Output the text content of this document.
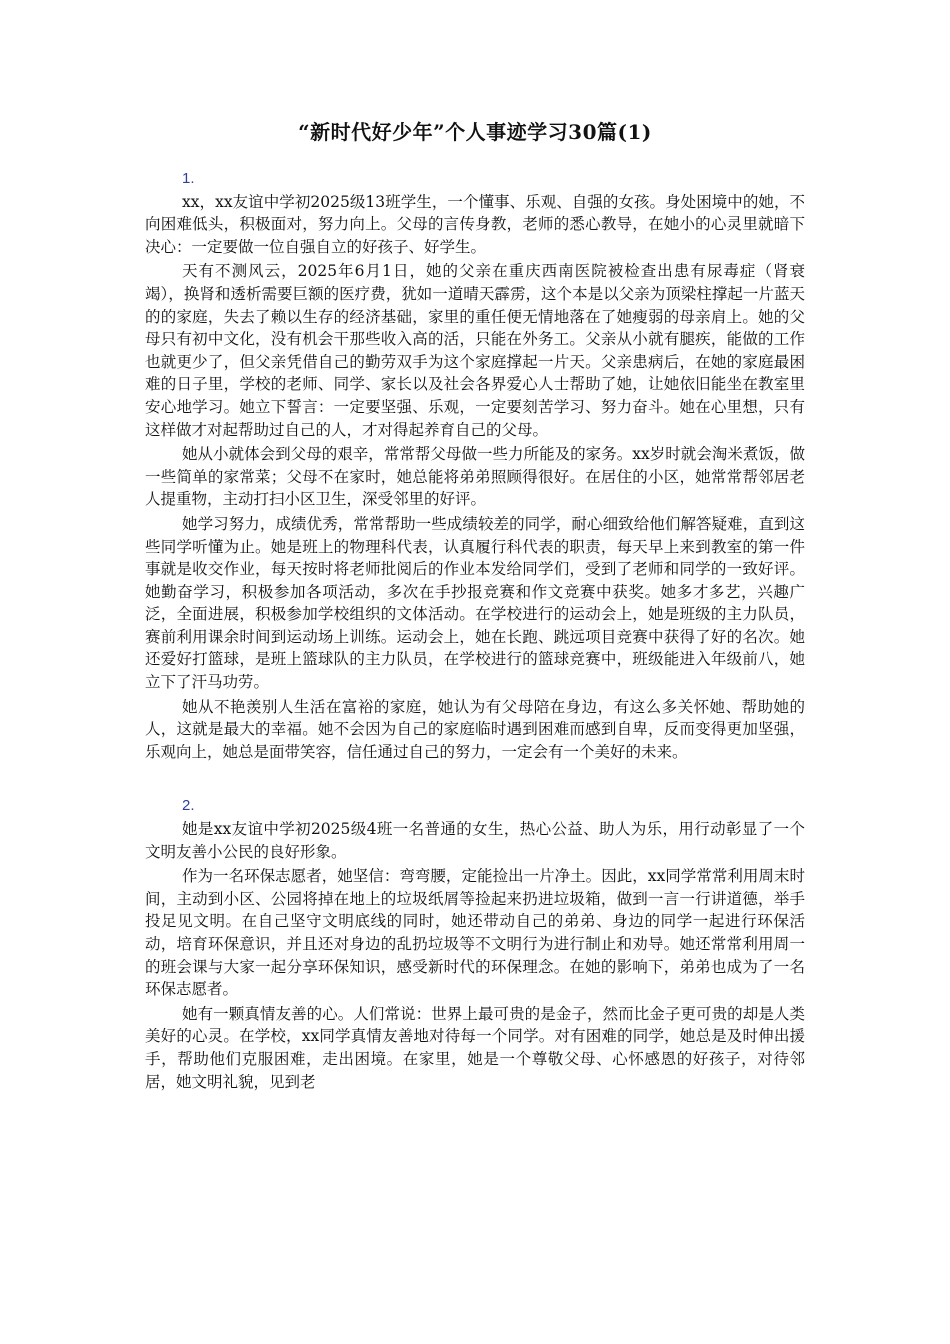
“新时代好少年”个人事迹学习30篇(1)
1.

xx，xx友谊中学初2025级13班学生，一个懂事、乐观、自强的女孩。身处困境中的她，不向困难低头，积极面对，努力向上。父母的言传身教，老师的悉心教导，在她小的心灵里就暗下决心：一定要做一位自强自立的好孩子、好学生。

天有不测风云，2025年6月1日，她的父亲在重庆西南医院被检查出患有尿毒症（肾衰竭），换肾和透析需要巨额的医疗费，犹如一道晴天霹雳，这个本是以父亲为顶梁柱撑起一片蓝天的的家庭，失去了赖以生存的经济基础，家里的重任便无情地落在了她瘦弱的母亲肩上。她的父母只有初中文化，没有机会干那些收入高的活，只能在外务工。父亲从小就有腿疾，能做的工作也就更少了，但父亲凭借自己的勤劳双手为这个家庭撑起一片天。父亲患病后，在她的家庭最困难的日子里，学校的老师、同学、家长以及社会各界爱心人士帮助了她，让她依旧能坐在教室里安心地学习。她立下誓言：一定要坚强、乐观，一定要刻苦学习、努力奋斗。她在心里想，只有这样做才对起帮助过自己的人，才对得起养育自己的父母。

她从小就体会到父母的艰辛，常常帮父母做一些力所能及的家务。xx岁时就会淘米煮饭，做一些简单的家常菜；父母不在家时，她总能将弟弟照顾得很好。在居住的小区，她常常帮邻居老人提重物，主动打扫小区卫生，深受邻里的好评。

她学习努力，成绩优秀，常常帮助一些成绩较差的同学，耐心细致给他们解答疑难，直到这些同学听懂为止。她是班上的物理科代表，认真履行科代表的职责，每天早上来到教室的第一件事就是收交作业，每天按时将老师批阅后的作业本发给同学们，受到了老师和同学的一致好评。她勤奋学习，积极参加各项活动，多次在手抄报竞赛和作文竞赛中获奖。她多才多艺，兴趣广泛，全面进展，积极参加学校组织的文体活动。在学校进行的运动会上，她是班级的主力队员，赛前利用课余时间到运动场上训练。运动会上，她在长跑、跳远项目竞赛中获得了好的名次。她还爱好打篮球，是班上篮球队的主力队员，在学校进行的篮球竞赛中，班级能进入年级前八，她立下了汗马功劳。

她从不艳羡别人生活在富裕的家庭，她认为有父母陪在身边，有这么多关怀她、帮助她的人，这就是最大的幸福。她不会因为自己的家庭临时遇到困难而感到自卑，反而变得更加坚强，乐观向上，她总是面带笑容，信任通过自己的努力，一定会有一个美好的未来。

2.

她是xx友谊中学初2025级4班一名普通的女生，热心公益、助人为乐，用行动彰显了一个文明友善小公民的良好形象。

作为一名环保志愿者，她坚信：弯弯腰，定能捡出一片净土。因此，xx同学常常利用周末时间，主动到小区、公园将掉在地上的垃圾纸屑等捡起来扔进垃圾箱，做到一言一行讲道德，举手投足见文明。在自己坚守文明底线的同时，她还带动自己的弟弟、身边的同学一起进行环保活动，培育环保意识，并且还对身边的乱扔垃圾等不文明行为进行制止和劝导。她还常常利用周一的班会课与大家一起分享环保知识，感受新时代的环保理念。在她的影响下，弟弟也成为了一名环保志愿者。

她有一颗真情友善的心。人们常说：世界上最可贵的是金子，然而比金子更可贵的却是人类美好的心灵。在学校，xx同学真情友善地对待每一个同学。对有困难的同学，她总是及时伸出援手，帮助他们克服困难，走出困境。在家里，她是一个尊敬父母、心怀感恩的好孩子，对待邻居，她文明礼貌，见到老
